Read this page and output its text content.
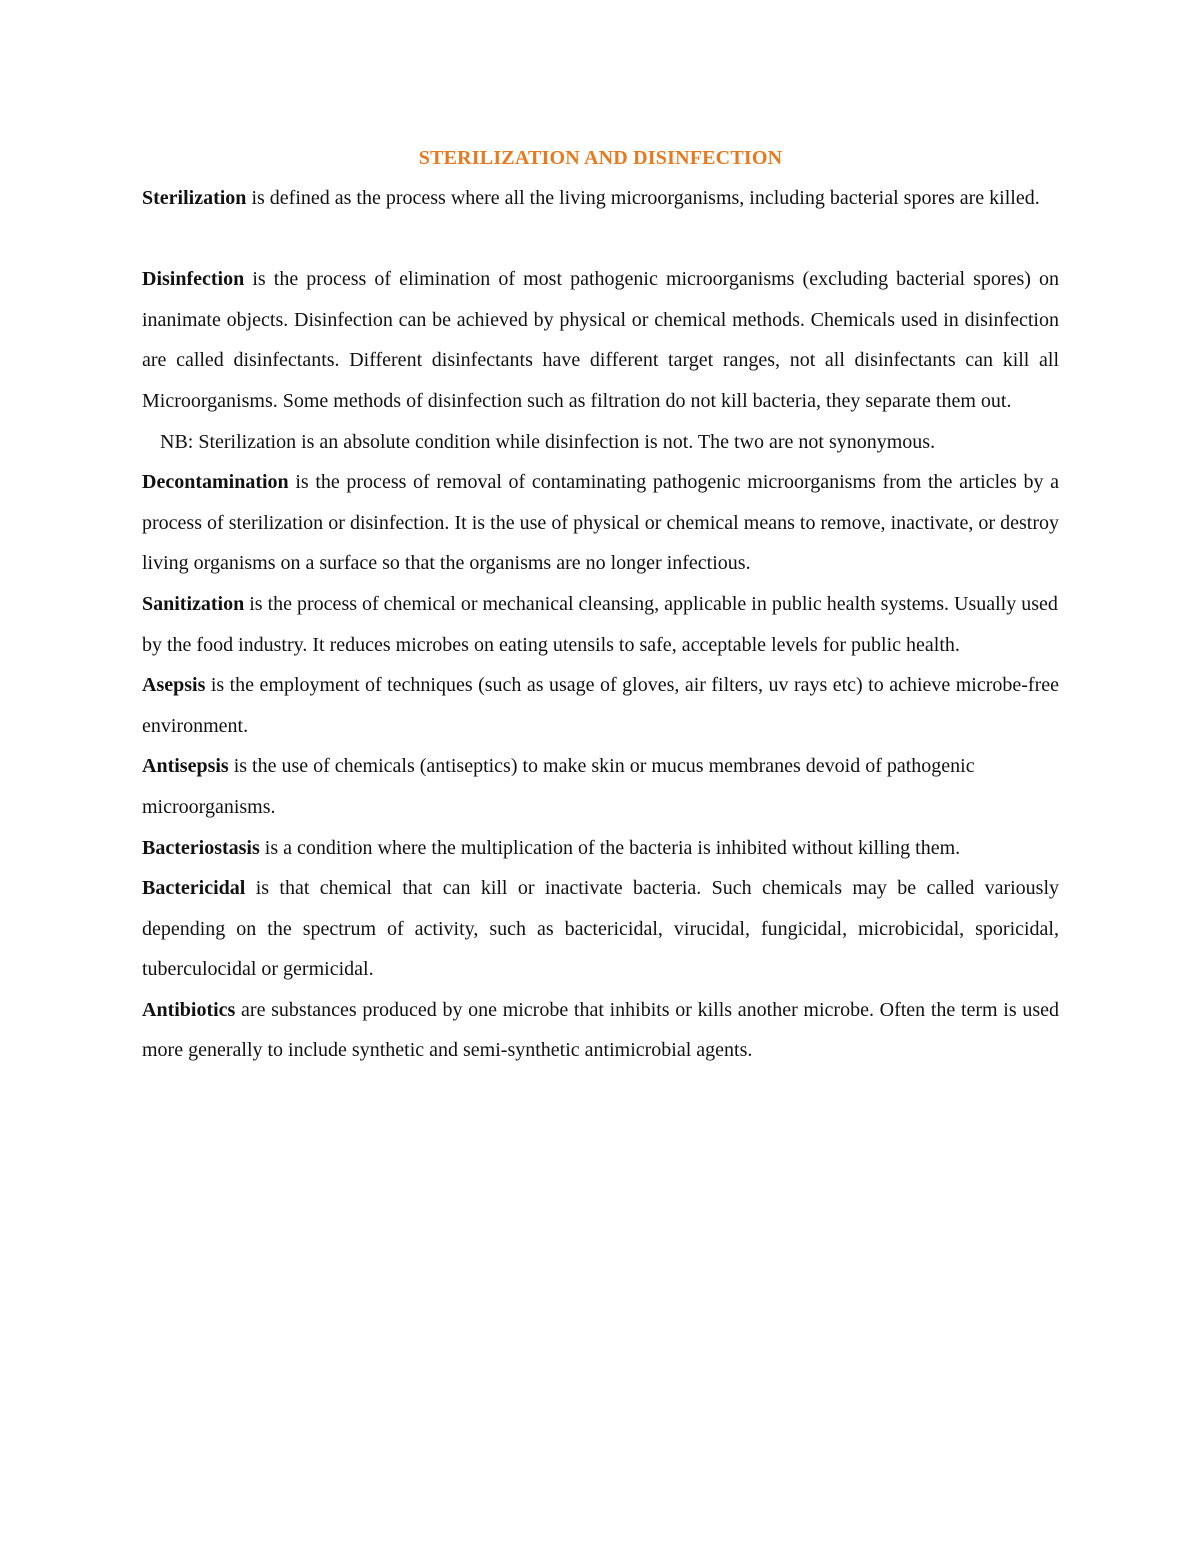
STERILIZATION AND DISINFECTION

Sterilization is defined as the process where all the living microorganisms, including bacterial spores are killed.

Disinfection is the process of elimination of most pathogenic microorganisms (excluding bacterial spores) on inanimate objects. Disinfection can be achieved by physical or chemical methods. Chemicals used in disinfection are called disinfectants. Different disinfectants have different target ranges, not all disinfectants can kill all Microorganisms. Some methods of disinfection such as filtration do not kill bacteria, they separate them out.

NB: Sterilization is an absolute condition while disinfection is not. The two are not synonymous.

Decontamination is the process of removal of contaminating pathogenic microorganisms from the articles by a process of sterilization or disinfection. It is the use of physical or chemical means to remove, inactivate, or destroy living organisms on a surface so that the organisms are no longer infectious.

Sanitization is the process of chemical or mechanical cleansing, applicable in public health systems. Usually used

by the food industry. It reduces microbes on eating utensils to safe, acceptable levels for public health.

Asepsis is the employment of techniques (such as usage of gloves, air filters, uv rays etc) to achieve microbe-free environment.

Antisepsis is the use of chemicals (antiseptics) to make skin or mucus membranes devoid of pathogenic

microorganisms.

Bacteriostasis is a condition where the multiplication of the bacteria is inhibited without killing them.

Bactericidal is that chemical that can kill or inactivate bacteria. Such chemicals may be called variously depending on the spectrum of activity, such as bactericidal, virucidal, fungicidal, microbicidal, sporicidal, tuberculocidal or germicidal.

Antibiotics are substances produced by one microbe that inhibits or kills another microbe. Often the term is used more generally to include synthetic and semi-synthetic antimicrobial agents.
